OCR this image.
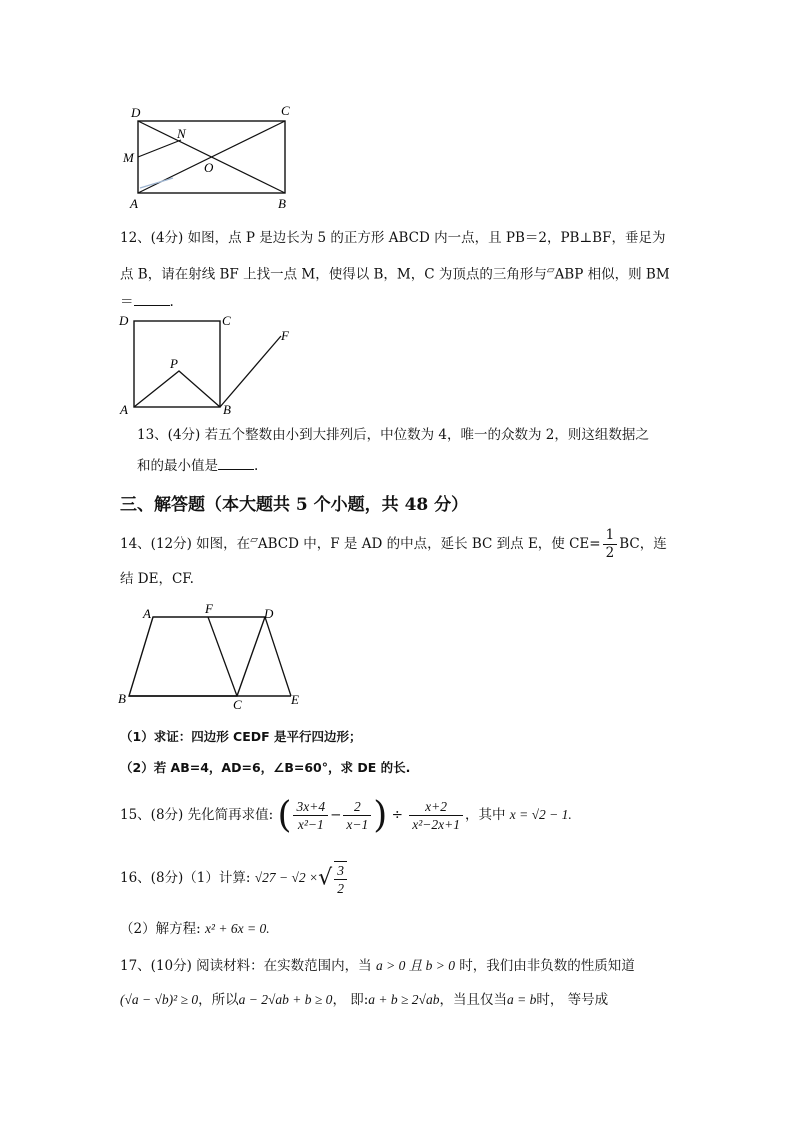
D	C
N
M
O
A	B
12、(4分) 如图，点 P 是边长为 5 的正方形 ABCD 内一点，且 PB＝2，PB⊥BF，垂足为
点 B，请在射线 BF 上找一点 M，使得以 B，M，C 为顶点的三角形与▱ABP 相似，则 BM
＝	.
D	C
P
A	B
F
13、(4分) 若五个整数由小到大排列后，中位数为 4，唯一的众数为 2，则这组数据之
和的最小值是	.
三、解答题（本大题共 5 个小题，共 48 分）
14、(12分) 如图，在▱ABCD 中，F 是 AD 的中点，延长 BC 到点 E，使 $CE= \frac{1}{2}$ BC，连
结 DE，CF.
A	F	D
B	C	E
（1）求证：四边形 CEDF 是平行四边形；
（2）若 AB=4，AD=6，∠B=60°，求 DE 的长.
15、(8分) 先化简再求值: ( $\frac{3x+4}{\text{x²−1}} - \frac{2}{x-1}$ ) ÷ $\frac{x+2}{\text{x²−2x+1}}$ ，其中 x = √2 − 1.
16、(8分)（1）计算: √27 − √2 ×√ $\frac{3}{2}$
（2）解方程: x² + 6x = 0.
17、(10分) 阅读材料：在实数范围内，当 a > 0 且 b > 0 时，我们由非负数的性质知道
(√a − √b)² ≥ 0，所以a − 2√ab + b ≥ 0， 即:a + b ≥ 2√ab，当且仅当a = b时， 等号成
